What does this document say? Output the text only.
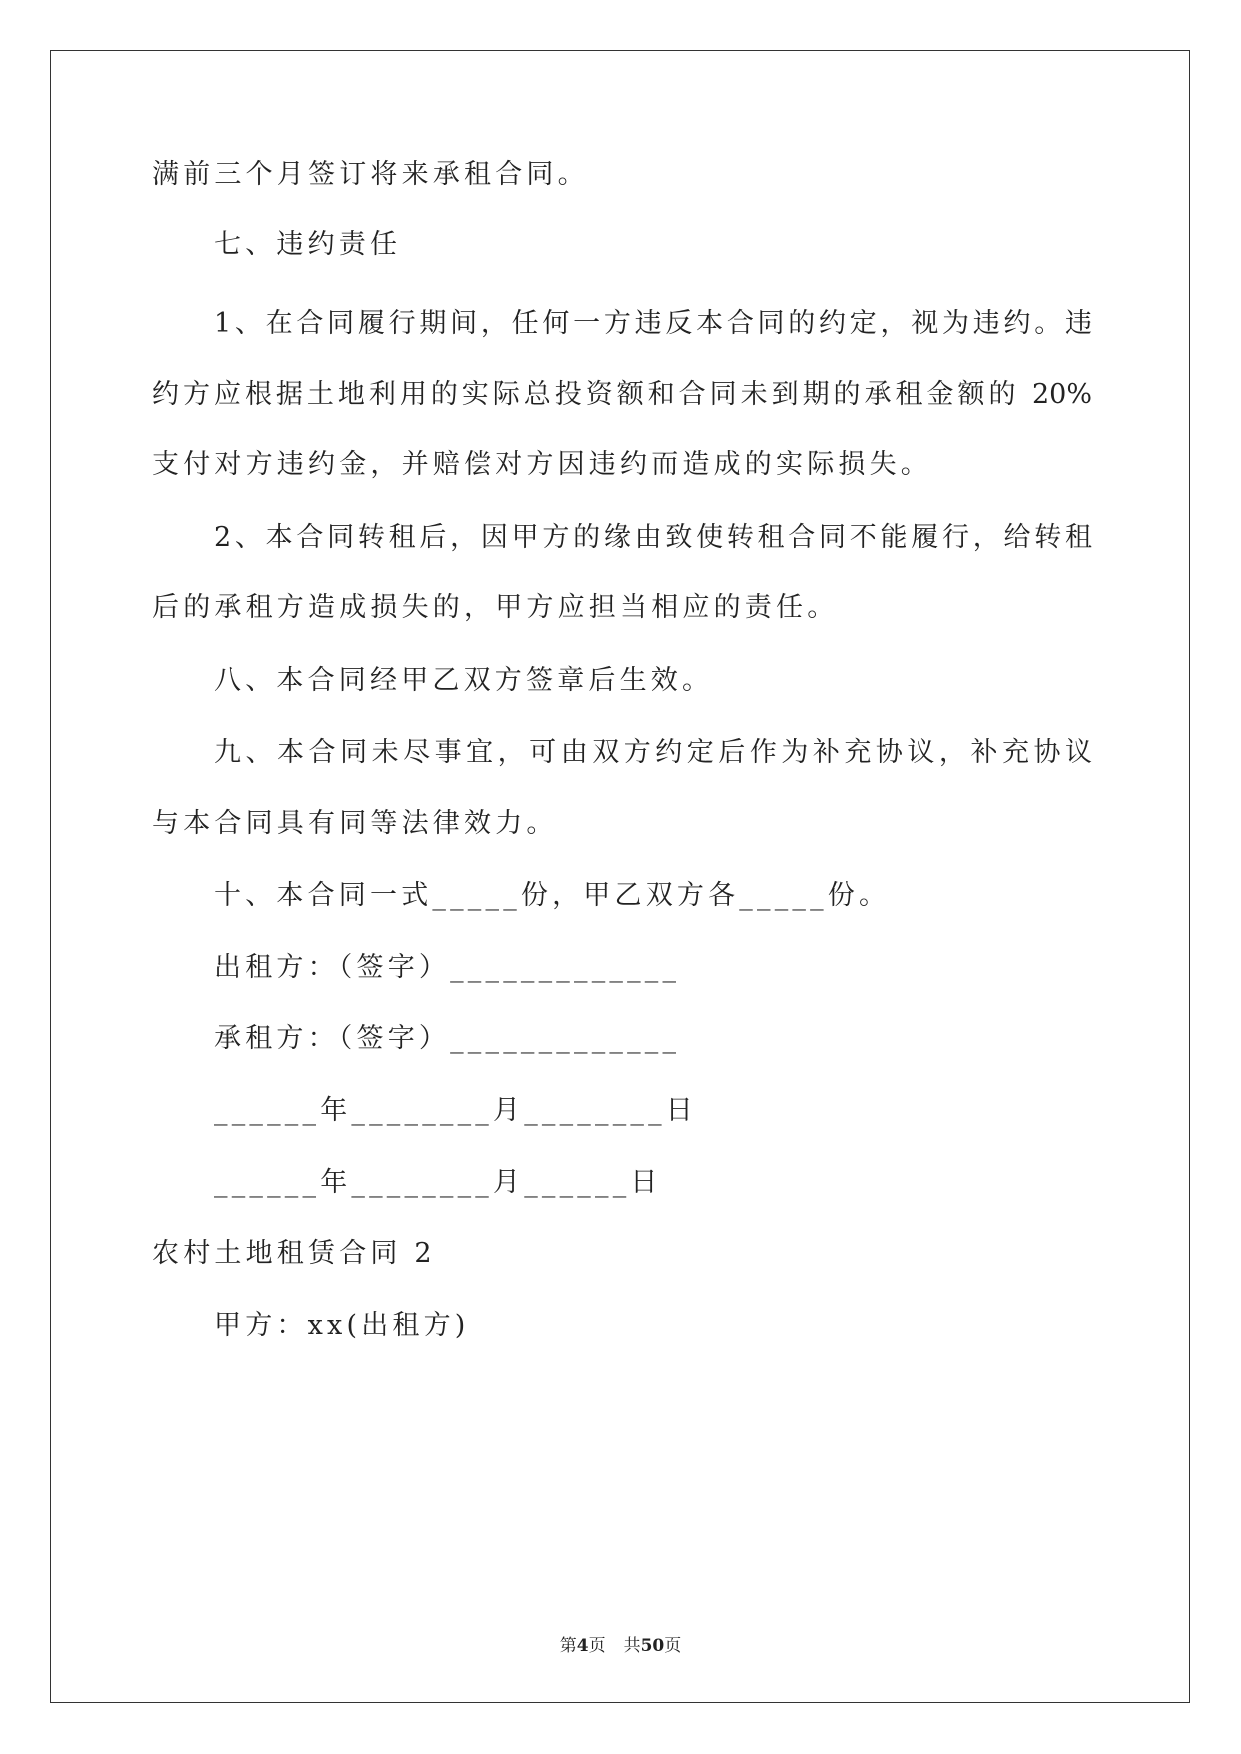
满前三个月签订将来承租合同。
七、违约责任
1、在合同履行期间，任何一方违反本合同的约定，视为违约。违
约方应根据土地利用的实际总投资额和合同未到期的承租金额的 20%
支付对方违约金，并赔偿对方因违约而造成的实际损失。
2、本合同转租后，因甲方的缘由致使转租合同不能履行，给转租
后的承租方造成损失的，甲方应担当相应的责任。
八、本合同经甲乙双方签章后生效。
九、本合同未尽事宜，可由双方约定后作为补充协议，补充协议
与本合同具有同等法律效力。
十、本合同一式_____份，甲乙双方各_____份。
出租方：（签字）_____________
承租方：（签字）_____________
______年________月________日
______年________月______日
农村土地租赁合同 2
甲方：xx(出租方)
第4页 共50页
